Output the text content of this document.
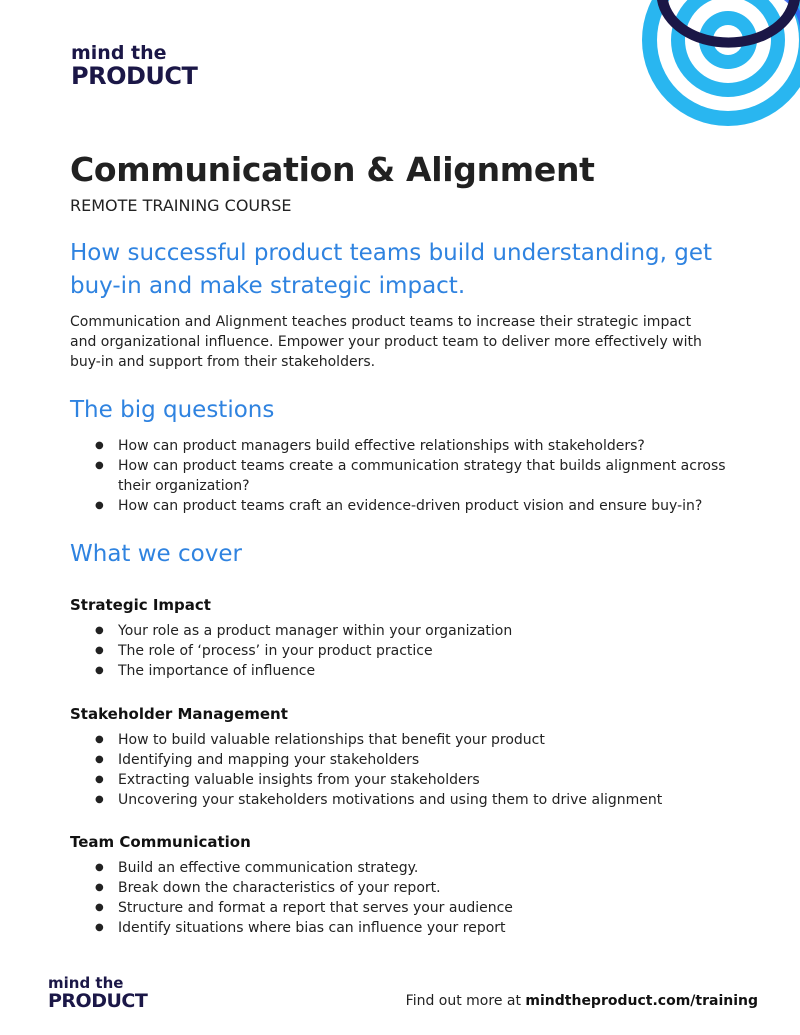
mind the
PRODUCT
Communication & Alignment
REMOTE TRAINING COURSE
How successful product teams build understanding, get buy-in and make strategic impact.

Communication and Alignment teaches product teams to increase their strategic impact and organizational influence. Empower your product team to deliver more effectively with buy-in and support from their stakeholders.

The big questions
● How can product managers build effective relationships with stakeholders?
● How can product teams create a communication strategy that builds alignment across their organization?
● How can product teams craft an evidence-driven product vision and ensure buy-in?
What we cover
Strategic Impact
● Your role as a product manager within your organization
● The role of ‘process’ in your product practice
● The importance of influence
Stakeholder Management
● How to build valuable relationships that benefit your product
● Identifying and mapping your stakeholders
● Extracting valuable insights from your stakeholders
● Uncovering your stakeholders motivations and using them to drive alignment
Team Communication
● Build an effective communication strategy.
● Break down the characteristics of your report.
● Structure and format a report that serves your audience
● Identify situations where bias can influence your report
mind the
PRODUCT	Find out more at mindtheproduct.com/training
